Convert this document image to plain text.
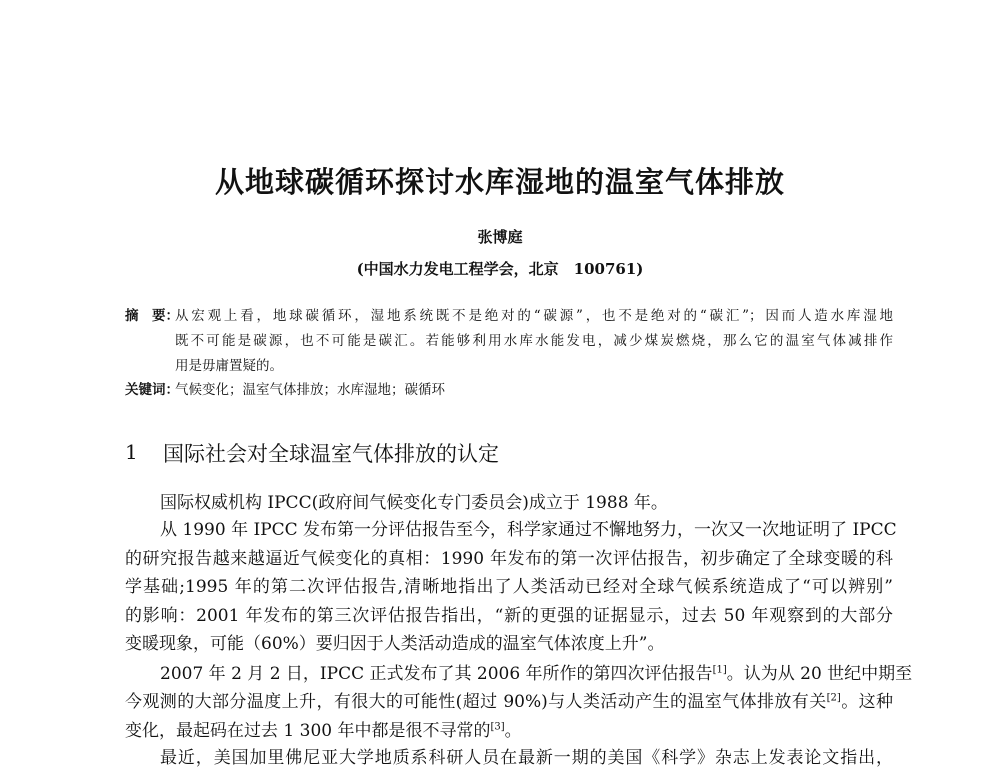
从地球碳循环探讨水库湿地的温室气体排放
张博庭
(中国水力发电工程学会，北京　100761)
摘　要：
从宏观上看，地球碳循环，湿地系统既不是绝对的“碳源”，也不是绝对的“碳汇”；因而人造水库湿地
既不可能是碳源，也不可能是碳汇。若能够利用水库水能发电，减少煤炭燃烧，那么它的温室气体减排作
用是毋庸置疑的。
关键词：
气候变化；温室气体排放；水库湿地；碳循环
1 国际社会对全球温室气体排放的认定
国际权威机构 IPCC(政府间气候变化专门委员会)成立于 1988 年。
从 1990 年 IPCC 发布第一分评估报告至今，科学家通过不懈地努力，一次又一次地证明了 IPCC
的研究报告越来越逼近气候变化的真相：1990 年发布的第一次评估报告，初步确定了全球变暖的科
学基础;1995 年的第二次评估报告,清晰地指出了人类活动已经对全球气候系统造成了“可以辨别”
的影响：2001 年发布的第三次评估报告指出，“新的更强的证据显示，过去 50 年观察到的大部分
变暖现象，可能（60%）要归因于人类活动造成的温室气体浓度上升”。
2007 年 2 月 2 日，IPCC 正式发布了其 2006 年所作的第四次评估报告[1]。认为从 20 世纪中期至
今观测的大部分温度上升，有很大的可能性(超过 90%)与人类活动产生的温室气体排放有关[2]。这种
变化，最起码在过去 1 300 年中都是很不寻常的[3]。
最近，美国加里佛尼亚大学地质系科研人员在最新一期的美国《科学》杂志上发表论文指出，
